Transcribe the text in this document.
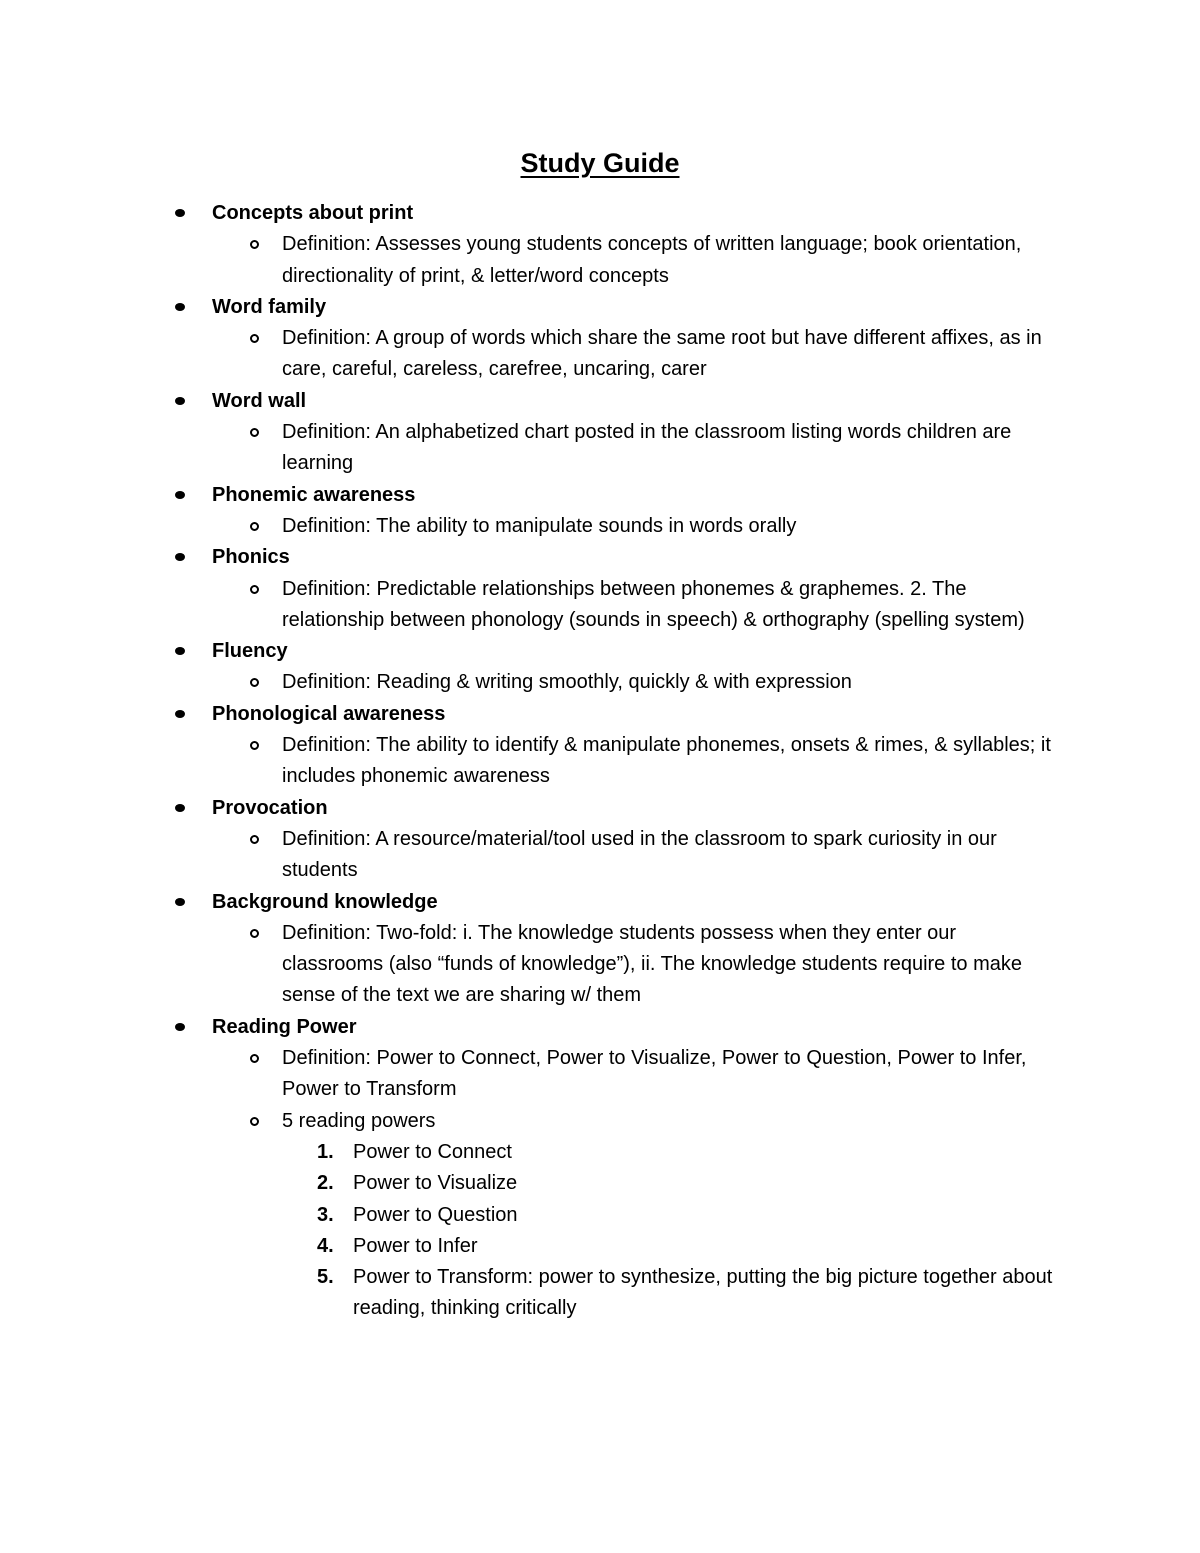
Study Guide
Concepts about print
Definition: Assesses young students concepts of written language; book orientation, directionality of print, & letter/word concepts
Word family
Definition: A group of words which share the same root but have different affixes, as in care, careful, careless, carefree, uncaring, carer
Word wall
Definition: An alphabetized chart posted in the classroom listing words children are learning
Phonemic awareness
Definition: The ability to manipulate sounds in words orally
Phonics
Definition: Predictable relationships between phonemes & graphemes. 2. The relationship between phonology (sounds in speech) & orthography (spelling system)
Fluency
Definition: Reading & writing smoothly, quickly & with expression
Phonological awareness
Definition: The ability to identify & manipulate phonemes, onsets & rimes, & syllables; it includes phonemic awareness
Provocation
Definition: A resource/material/tool used in the classroom to spark curiosity in our students
Background knowledge
Definition: Two-fold: i. The knowledge students possess when they enter our classrooms (also “funds of knowledge”), ii. The knowledge students require to make sense of the text we are sharing w/ them
Reading Power
Definition: Power to Connect, Power to Visualize, Power to Question, Power to Infer, Power to Transform
5 reading powers
1. Power to Connect
2. Power to Visualize
3. Power to Question
4. Power to Infer
5. Power to Transform: power to synthesize, putting the big picture together about reading, thinking critically
